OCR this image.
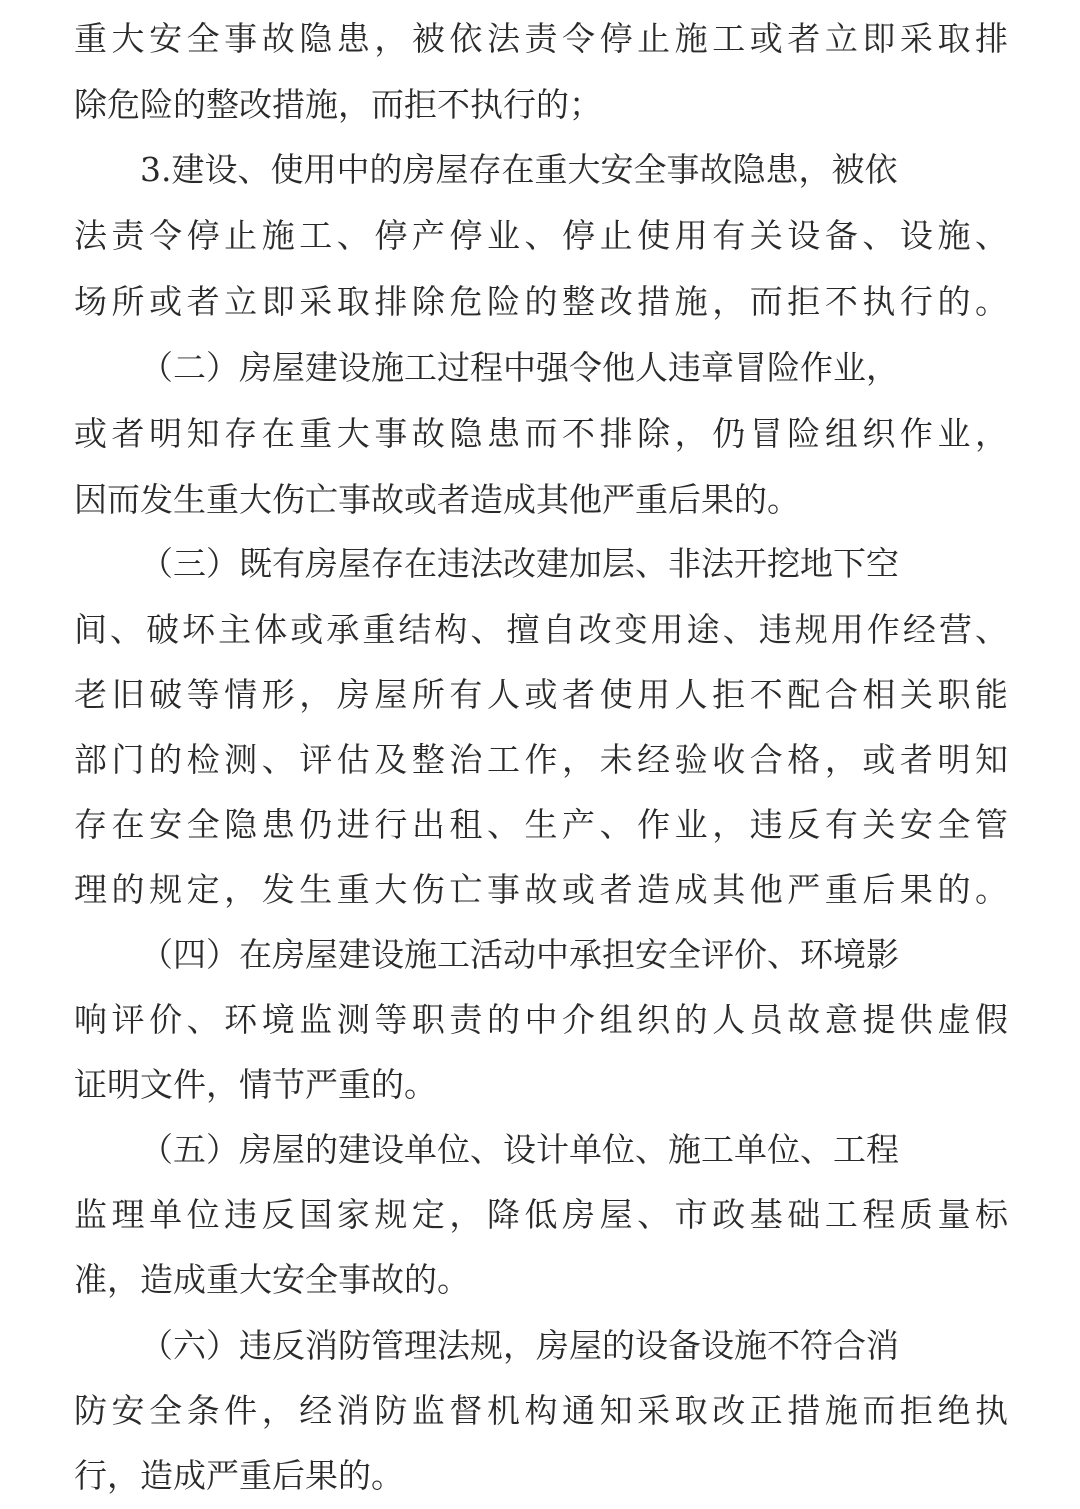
重大安全事故隐患，被依法责令停止施工或者立即采取排
除危险的整改措施，而拒不执行的；
3.建设、使用中的房屋存在重大安全事故隐患，被依
法责令停止施工、停产停业、停止使用有关设备、设施、
场所或者立即采取排除危险的整改措施，而拒不执行的。
（二）房屋建设施工过程中强令他人违章冒险作业，
或者明知存在重大事故隐患而不排除，仍冒险组织作业，
因而发生重大伤亡事故或者造成其他严重后果的。
（三）既有房屋存在违法改建加层、非法开挖地下空
间、破坏主体或承重结构、擅自改变用途、违规用作经营、
老旧破等情形，房屋所有人或者使用人拒不配合相关职能
部门的检测、评估及整治工作，未经验收合格，或者明知
存在安全隐患仍进行出租、生产、作业，违反有关安全管
理的规定，发生重大伤亡事故或者造成其他严重后果的。
（四）在房屋建设施工活动中承担安全评价、环境影
响评价、环境监测等职责的中介组织的人员故意提供虚假
证明文件，情节严重的。
（五）房屋的建设单位、设计单位、施工单位、工程
监理单位违反国家规定，降低房屋、市政基础工程质量标
准，造成重大安全事故的。
（六）违反消防管理法规，房屋的设备设施不符合消
防安全条件，经消防监督机构通知采取改正措施而拒绝执
行，造成严重后果的。
